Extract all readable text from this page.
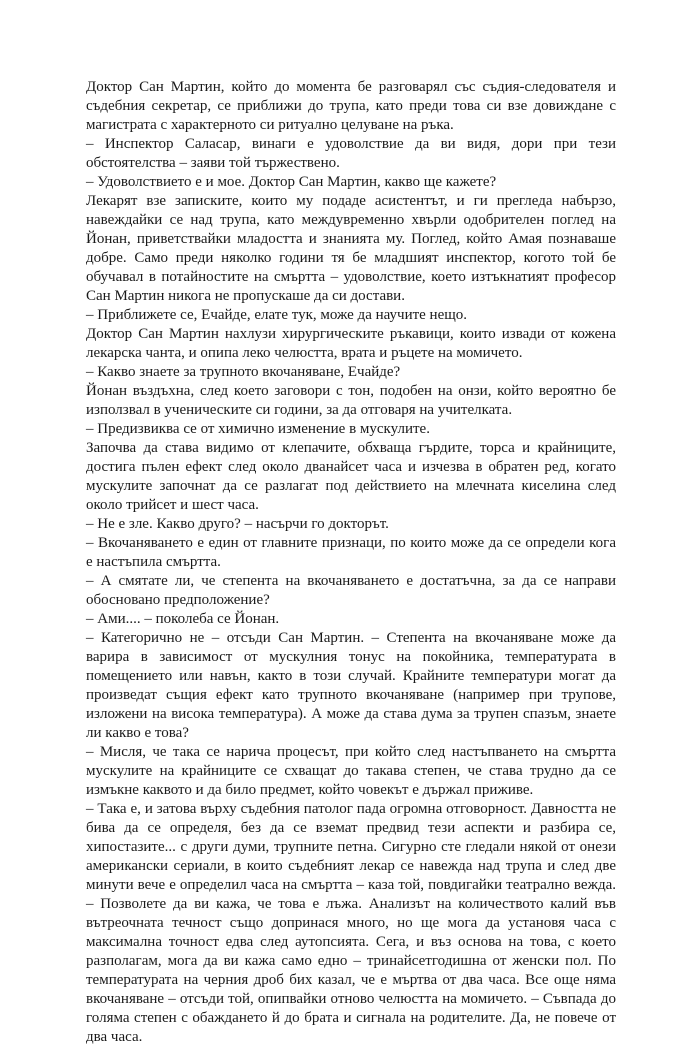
Доктор Сан Мартин, който до момента бе разговарял със съдия-следователя и съдебния секретар, се приближи до трупа, като преди това си взе довиждане с магистрата с характерното си ритуално целуване на ръка.

– Инспектор Саласар, винаги е удоволствие да ви видя, дори при тези обстоятелства – заяви той тържествено.

– Удоволствието е и мое. Доктор Сан Мартин, какво ще кажете?

Лекарят взе записките, които му подаде асистентът, и ги прегледа набързо, навеждайки се над трупа, като междувременно хвърли одобрителен поглед на Йонан, приветствайки младостта и знанията му. Поглед, който Амая познаваше добре. Само преди няколко години тя бе младшият инспектор, когото той бе обучавал в потайностите на смъртта – удоволствие, което изтъкнатият професор Сан Мартин никога не пропускаше да си достави.

– Приближете се, Ечайде, елате тук, може да научите нещо.

Доктор Сан Мартин нахлузи хирургическите ръкавици, които извади от кожена лекарска чанта, и опипа леко челюстта, врата и ръцете на момичето.

– Какво знаете за трупното вкочаняване, Ечайде?

Йонан въздъхна, след което заговори с тон, подобен на онзи, който вероятно бе използвал в ученическите си години, за да отговаря на учителката.

– Предизвиква се от химично изменение в мускулите.

Започва да става видимо от клепачите, обхваща гърдите, торса и крайниците, достига пълен ефект след около дванайсет часа и изчезва в обратен ред, когато мускулите започнат да се разлагат под действието на млечната киселина след около трийсет и шест часа.

– Не е зле. Какво друго? – насърчи го докторът.

– Вкочаняването е един от главните признаци, по които може да се определи кога е настъпила смъртта.

– А смятате ли, че степента на вкочаняването е достатъчна, за да се направи обосновано предположение?

– Ами.... – поколеба се Йонан.

– Категорично не – отсъди Сан Мартин. – Степента на вкочаняване може да варира в зависимост от мускулния тонус на покойника, температурата в помещението или навън, както в този случай. Крайните температури могат да произведат същия ефект като трупното вкочаняване (например при трупове, изложени на висока температура). А може да става дума за трупен спазъм, знаете ли какво е това?

– Мисля, че така се нарича процесът, при който след настъпването на смъртта мускулите на крайниците се схващат до такава степен, че става трудно да се измъкне каквото и да било предмет, който човекът е държал приживе.

– Така е, и затова върху съдебния патолог пада огромна отговорност. Давността не бива да се определя, без да се вземат предвид тези аспекти и разбира се, хипостазите... с други думи, трупните петна. Сигурно сте гледали някой от онези американски сериали, в които съдебният лекар се навежда над трупа и след две минути вече е определил часа на смъртта – каза той, повдигайки театрално вежда. – Позволете да ви кажа, че това е лъжа. Анализът на количеството калий във вътреочната течност също допринася много, но ще мога да установя часа с максимална точност едва след аутопсията. Сега, и въз основа на това, с което разполагам, мога да ви кажа само едно – тринайсетгодишна от женски пол. По температурата на черния дроб бих казал, че е мъртва от два часа. Все още няма вкочаняване – отсъди той, опипвайки отново челюстта на момичето. – Съвпада до голяма степен с обаждането й до брата и сигнала на родителите. Да, не повече от два часа.
